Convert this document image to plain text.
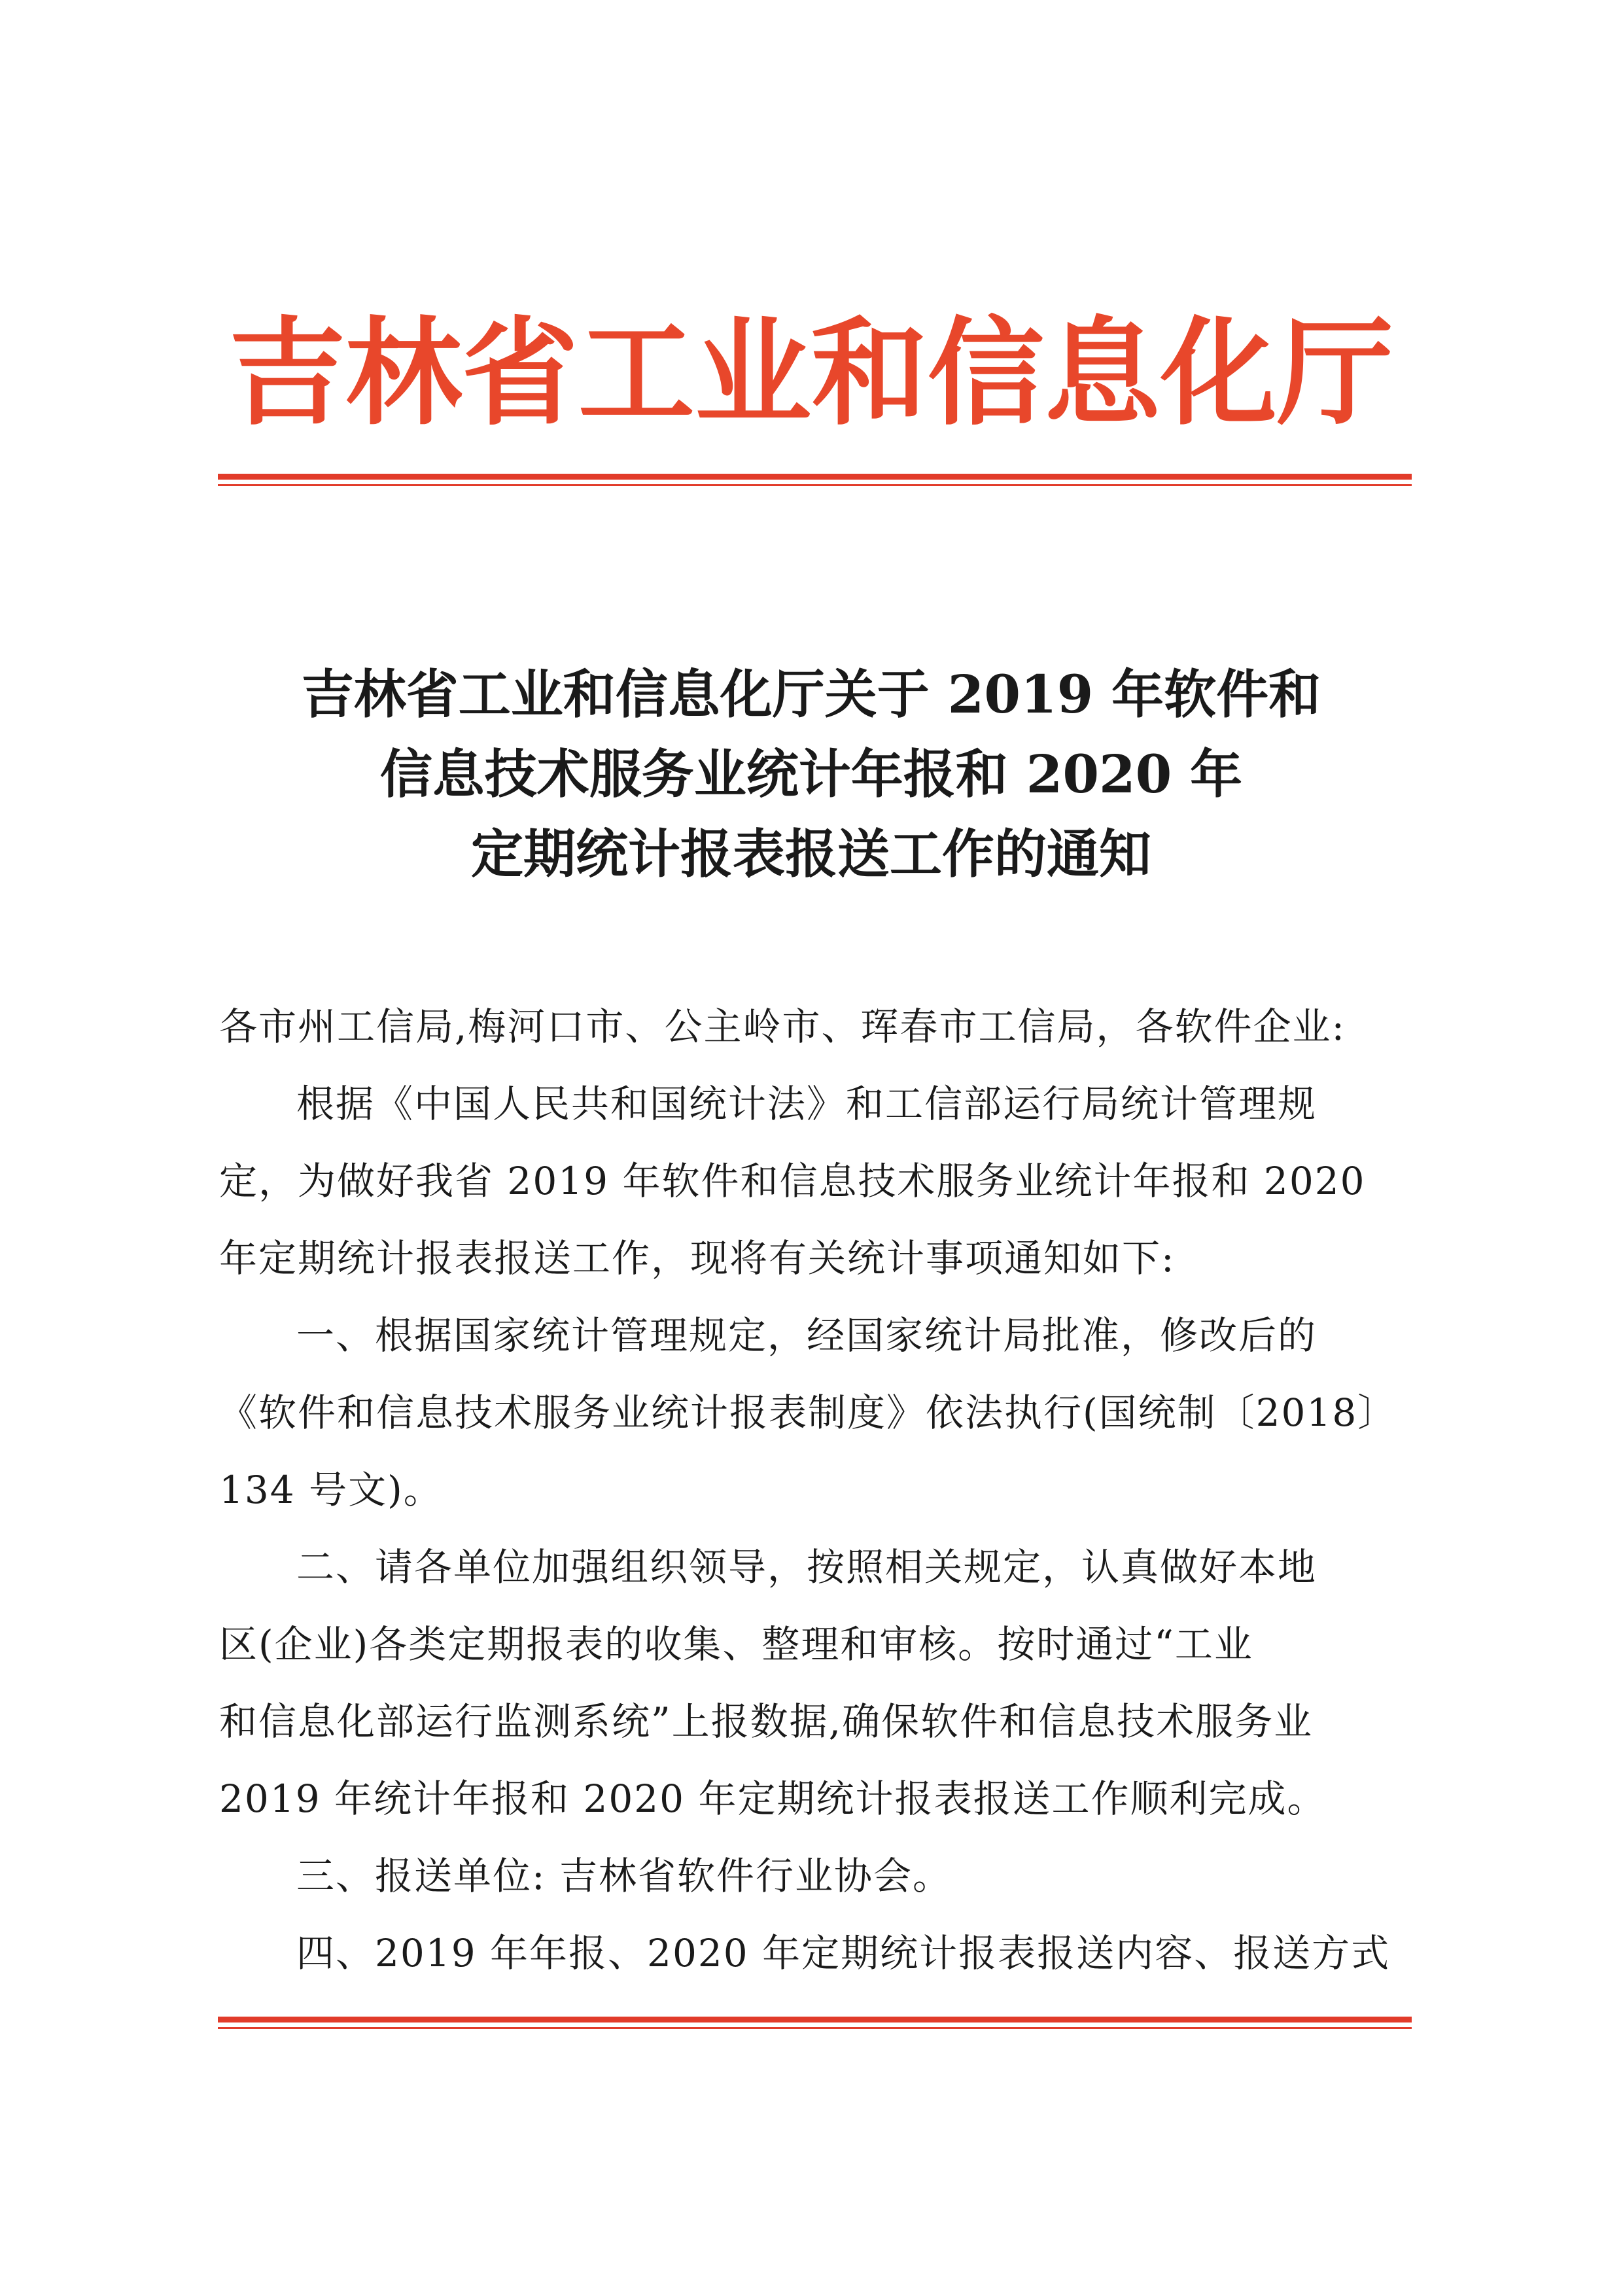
吉林省工业和信息化厅
吉林省工业和信息化厅关于 2019 年软件和
信息技术服务业统计年报和 2020 年
定期统计报表报送工作的通知

各市州工信局,梅河口市、公主岭市、珲春市工信局，各软件企业:

根据《中国人民共和国统计法》和工信部运行局统计管理规
定，为做好我省 2019 年软件和信息技术服务业统计年报和 2020
年定期统计报表报送工作，现将有关统计事项通知如下:

一、根据国家统计管理规定，经国家统计局批准，修改后的
《软件和信息技术服务业统计报表制度》依法执行(国统制〔2018〕
134 号文)。

二、请各单位加强组织领导，按照相关规定，认真做好本地
区(企业)各类定期报表的收集、整理和审核。按时通过“工业
和信息化部运行监测系统”上报数据,确保软件和信息技术服务业
2019 年统计年报和 2020 年定期统计报表报送工作顺利完成。

三、报送单位: 吉林省软件行业协会。

四、2019 年年报、2020 年定期统计报表报送内容、报送方式
